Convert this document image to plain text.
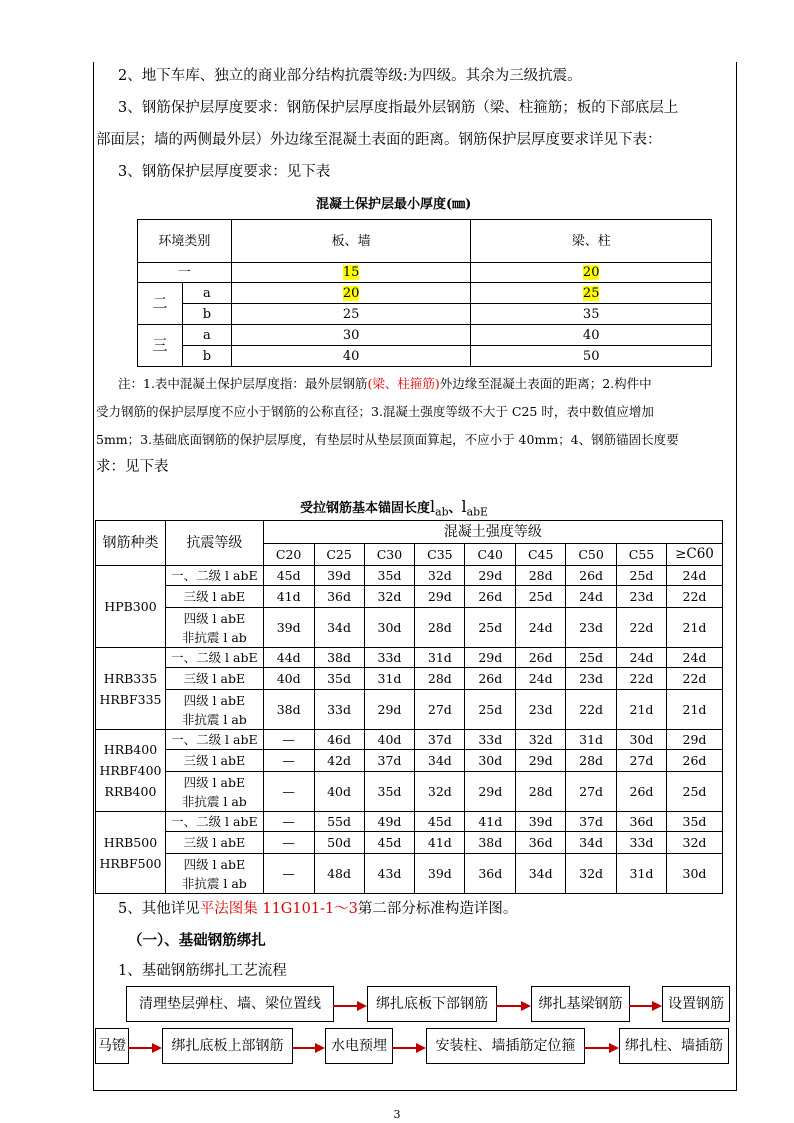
2、地下车库、独立的商业部分结构抗震等级:为四级。其余为三级抗震。
3、钢筋保护层厚度要求：钢筋保护层厚度指最外层钢筋（梁、柱箍筋；板的下部底层上
部面层；墙的两侧最外层）外边缘至混凝土表面的距离。钢筋保护层厚度要求详见下表：
3、钢筋保护层厚度要求：见下表
混凝土保护层最小厚度(㎜)
环境类别		板、墙	梁、柱
一		15	20
二	a	20	25
	b	25	35
三	a	30	40
	b	40	50
注：1.表中混凝土保护层厚度指：最外层钢筋(梁、柱箍筋)外边缘至混凝土表面的距离；2.构件中
受力钢筋的保护层厚度不应小于钢筋的公称直径；3.混凝土强度等级不大于 C25 时，表中数值应增加
5mm；3.基础底面钢筋的保护层厚度，有垫层时从垫层顶面算起，不应小于 40mm；4、钢筋锚固长度要
求：见下表
受拉钢筋基本锚固长度$l_{ab}$、$l_{abE}$
钢筋种类	抗震等级	混凝土强度等级								
		C20	C25	C30	C35	C40	C45	C50	C55	≥C60

HPB300	一、二级 l abE	45d	39d	35d	32d	29d	28d	26d	25d	24d

	三级 l abE	41d	36d	32d	29d	26d	25d	24d	23d	22d

	四级 l abE
非抗震 l ab	39d	34d	30d	28d	25d	24d	23d	22d	21d

HRB335
HRBF335	一、二级 l abE	44d	38d	33d	31d	29d	26d	25d	24d	24d

	三级 l abE	40d	35d	31d	28d	26d	24d	23d	22d	22d

	四级 l abE
非抗震 l ab	38d	33d	29d	27d	25d	23d	22d	21d	21d

HRB400
HRBF400
RRB400	一、二级 l abE	—	46d	40d	37d	33d	32d	31d	30d	29d

	三级 l abE	—	42d	37d	34d	30d	29d	28d	27d	26d

	四级 l abE
非抗震 l ab	—	40d	35d	32d	29d	28d	27d	26d	25d

HRB500
HRBF500	一、二级 l abE	—	55d	49d	45d	41d	39d	37d	36d	35d

	三级 l abE	—	50d	45d	41d	38d	36d	34d	33d	32d

	四级 l abE
非抗震 l ab	—	48d	43d	39d	36d	34d	32d	31d	30d
5、其他详见平法图集 11G101-1～3第二部分标准构造详图。
（一）、基础钢筋绑扎
1、基础钢筋绑扎工艺流程
清理垫层弹柱、墙、梁位置线	绑扎底板下部钢筋	绑扎基梁钢筋	设置钢筋
马镫	绑扎底板上部钢筋	水电预埋	安装柱、墙插筋定位箍	绑扎柱、墙插筋
3
